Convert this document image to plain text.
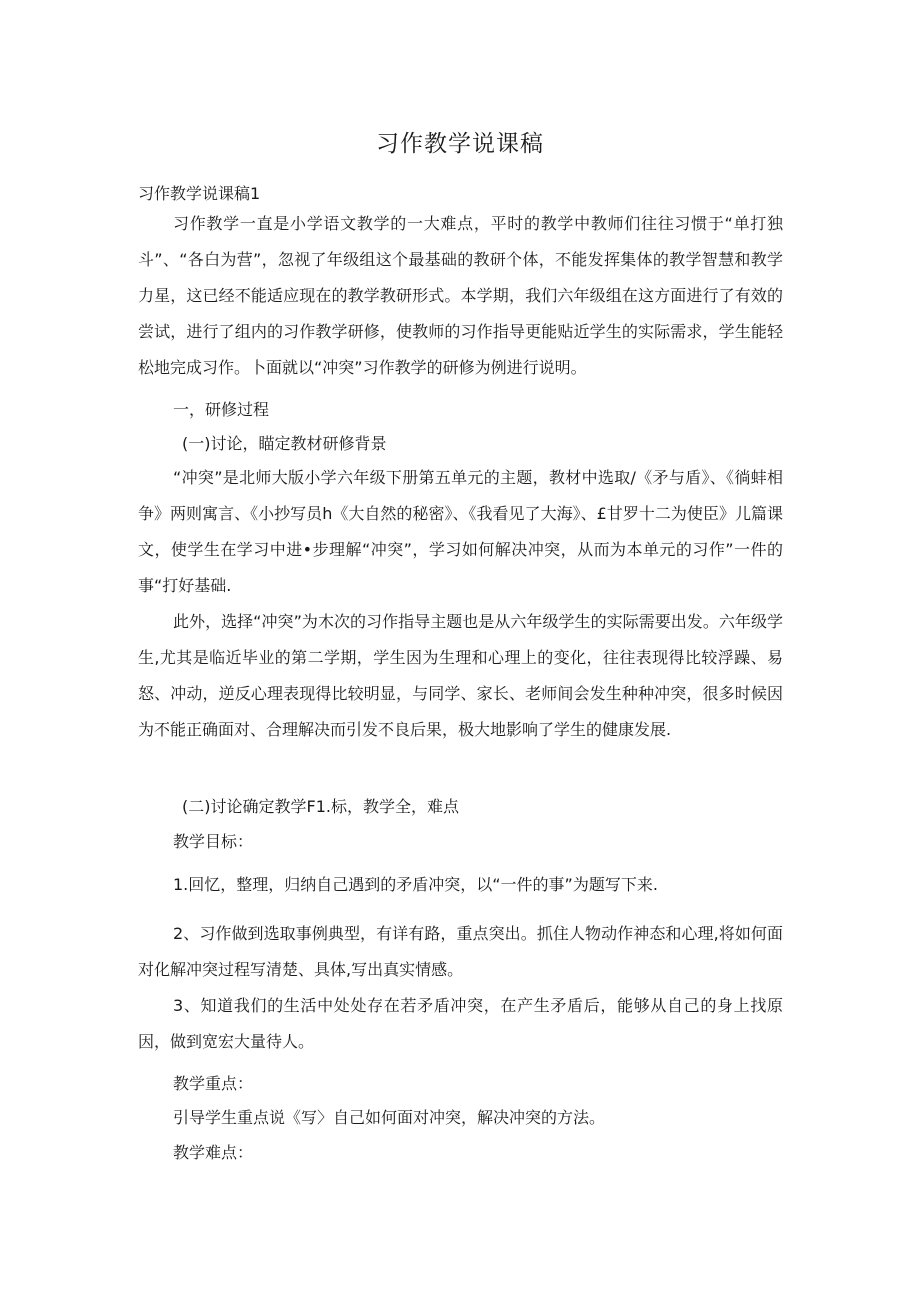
习作教学说课稿
习作教学说课稿1
习作教学一直是小学语文教学的一大难点，平时的教学中教师们往往习惯于“单打独斗”、“各白为营”，忽视了年级组这个最基础的教研个体，不能发挥集体的教学智慧和教学力星，这已经不能适应现在的教学教研形式。本学期，我们六年级组在这方面进行了有效的尝试，进行了组内的习作教学研修，使教师的习作指导更能贴近学生的实际需求，学生能轻松地完成习作。卜面就以“冲突”习作教学的研修为例进行说明。
一，研修过程
(一)讨论，瞄定教材研修背景
“冲突”是北师大版小学六年级下册第五单元的主题，教材中选取/《矛与盾》、《徜蚌相争》两则寓言、《小抄写员h《大自然的秘密》、《我看见了大海》、£甘罗十二为使臣》儿篇课文，使学生在学习中进•步理解“冲突”，学习如何解决冲突，从而为本单元的习作”一件的事“打好基础.
此外，选择“冲突”为木次的习作指导主题也是从六年级学生的实际需要出发。六年级学生,尤其是临近毕业的第二学期，学生因为生理和心理上的变化，往往表现得比较浮躁、易怒、冲动，逆反心理表现得比较明显，与同学、家长、老师间会发生种种冲突，很多时候因为不能正确面对、合理解决而引发不良后果，极大地影响了学生的健康发展.
(二)讨论确定教学F1.标，教学全，难点
教学目标：
1.回忆，整理，归纳自己遇到的矛盾冲突，以“一件的事”为题写下来.
2、习作做到选取事例典型，有详有路，重点突出。抓住人物动作神态和心理,将如何面对化解冲突过程写清楚、具体,写出真实情感。
3、知道我们的生活中处处存在若矛盾冲突，在产生矛盾后，能够从自己的身上找原因，做到宽宏大量待人。
教学重点：
引导学生重点说《写〉自己如何面对冲突，解决冲突的方法。
教学难点：
